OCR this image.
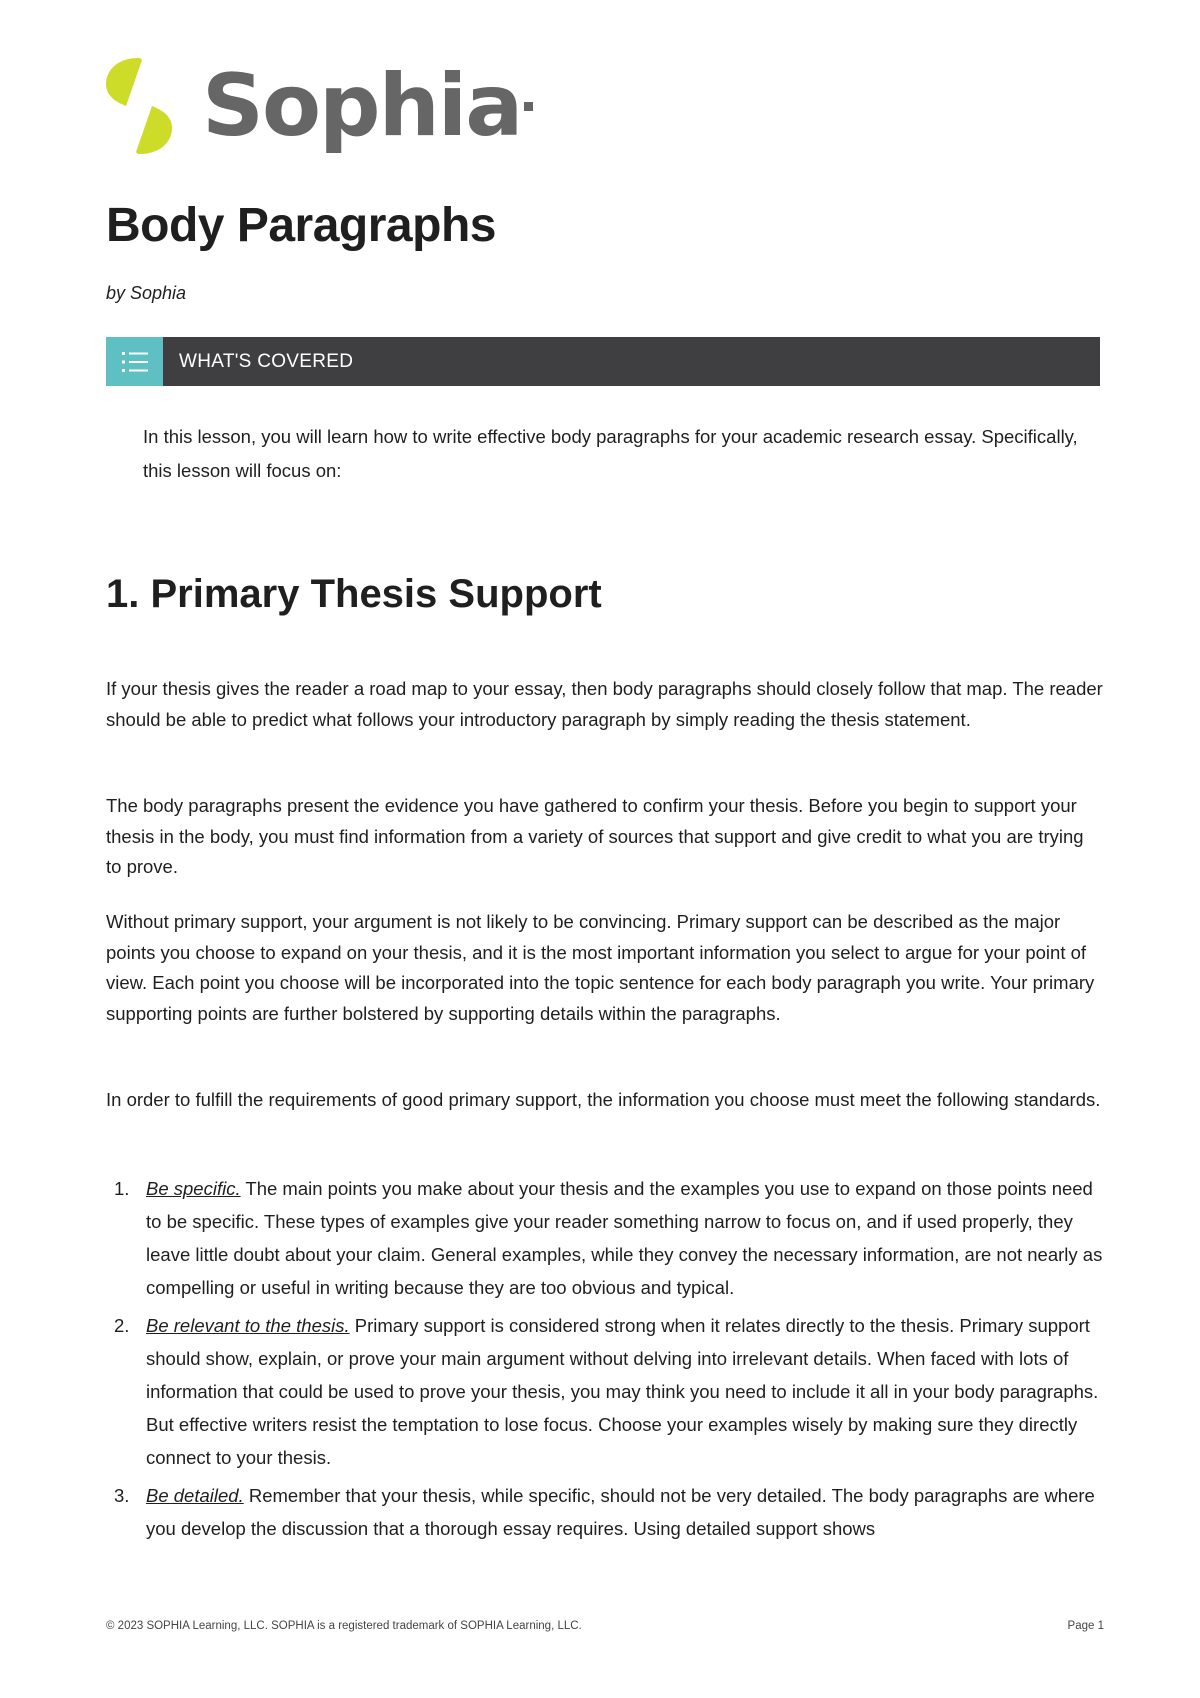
Sophia
Body Paragraphs
by Sophia
WHAT'S COVERED

In this lesson, you will learn how to write effective body paragraphs for your academic research essay. Specifically, this lesson will focus on:

1. Primary Thesis Support

If your thesis gives the reader a road map to your essay, then body paragraphs should closely follow that map. The reader should be able to predict what follows your introductory paragraph by simply reading the thesis statement.

The body paragraphs present the evidence you have gathered to confirm your thesis. Before you begin to support your thesis in the body, you must find information from a variety of sources that support and give credit to what you are trying to prove.

Without primary support, your argument is not likely to be convincing. Primary support can be described as the major points you choose to expand on your thesis, and it is the most important information you select to argue for your point of view. Each point you choose will be incorporated into the topic sentence for each body paragraph you write. Your primary supporting points are further bolstered by supporting details within the paragraphs.

In order to fulfill the requirements of good primary support, the information you choose must meet the following standards.

1. Be specific. The main points you make about your thesis and the examples you use to expand on those points need to be specific. These types of examples give your reader something narrow to focus on, and if used properly, they leave little doubt about your claim. General examples, while they convey the necessary information, are not nearly as compelling or useful in writing because they are too obvious and typical.
2. Be relevant to the thesis. Primary support is considered strong when it relates directly to the thesis. Primary support should show, explain, or prove your main argument without delving into irrelevant details. When faced with lots of information that could be used to prove your thesis, you may think you need to include it all in your body paragraphs. But effective writers resist the temptation to lose focus. Choose your examples wisely by making sure they directly connect to your thesis.
3. Be detailed. Remember that your thesis, while specific, should not be very detailed. The body paragraphs are where you develop the discussion that a thorough essay requires. Using detailed support shows
© 2023 SOPHIA Learning, LLC. SOPHIA is a registered trademark of SOPHIA Learning, LLC.	Page 1
